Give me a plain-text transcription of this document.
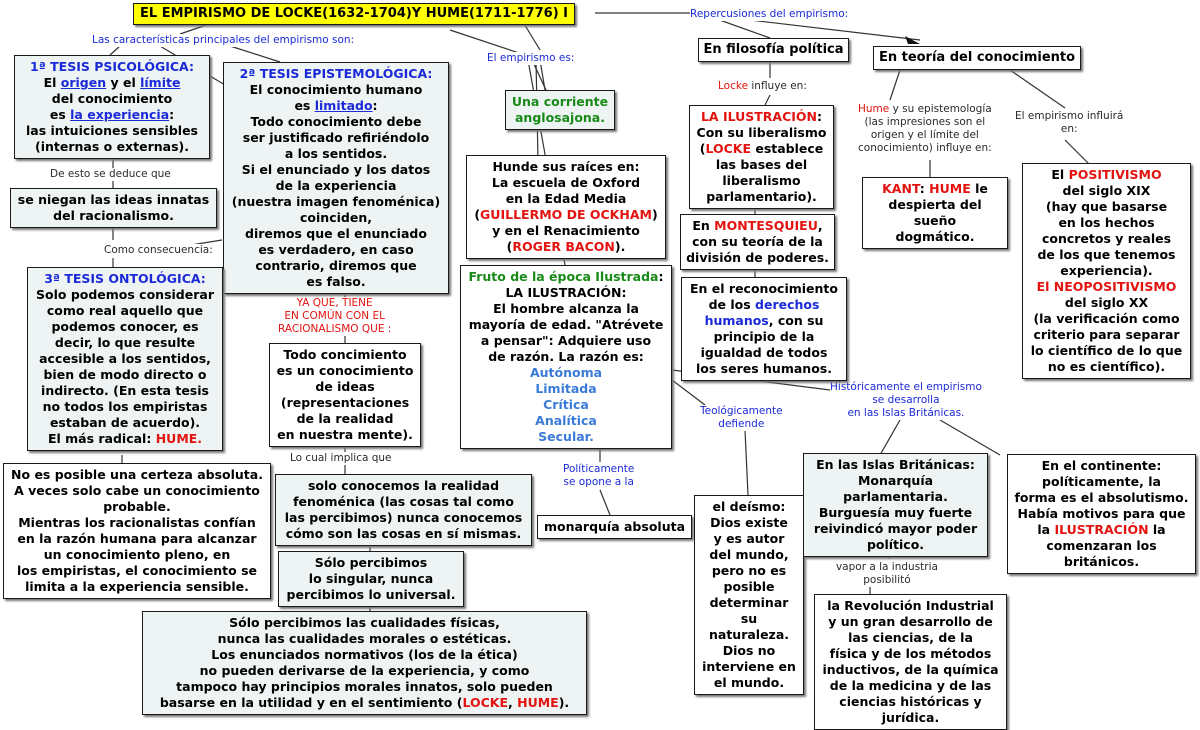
EL EMPIRISMO DE LOCKE(1632-1704)Y HUME(1711-1776) I
Las características principales del empirismo son:
El empirismo es:
Repercusiones del empirismo:
Locke influye en:
Hume y su epistemología
(las impresiones son el
origen y el límite del
conocimiento) influye en:
El empirismo influirá
en:
De esto se deduce que
Como consecuencia:
YA QUE, TIENE
EN COMÚN CON EL
RACIONALISMO QUE :
Lo cual implica que
Teológicamente
defiende
Políticamente
se opone a la
Históricamente el empirismo
se desarrolla
en las Islas Británicas.
vapor a la industria
posibilitó
1ª TESIS PSICOLÓGICA:
El origen y el límite
del conocimiento
es la experiencia:
las intuiciones sensibles
(internas o externas).
se niegan las ideas innatas
del racionalismo.
2ª TESIS EPISTEMOLÓGICA:
El conocimiento humano
es limitado:
Todo conocimiento debe
ser justificado refiriéndolo
a los sentidos.
Si el enunciado y los datos
de la experiencia
(nuestra imagen fenoménica)
coinciden,
diremos que el enunciado
es verdadero, en caso
contrario, diremos que
es falso.
3ª TESIS ONTOLÓGICA:
Solo podemos considerar
como real aquello que
podemos conocer, es
decir, lo que resulte
accesible a los sentidos,
bien de modo directo o
indirecto. (En esta tesis
no todos los empiristas
estaban de acuerdo).
El más radical: HUME.
No es posible una certeza absoluta.
A veces solo cabe un conocimiento
probable.
Mientras los racionalistas confían
en la razón humana para alcanzar
un conocimiento pleno, en
los empiristas, el conocimiento se
limita a la experiencia sensible.
Todo concimiento
es un conocimiento
de ideas
(representaciones
de la realidad
en nuestra mente).
solo conocemos la realidad
fenoménica (las cosas tal como
las percibimos) nunca conocemos
cómo son las cosas en sí mismas.
Sólo percibimos
lo singular, nunca
percibimos lo universal.
Sólo percibimos las cualidades físicas,
nunca las cualidades morales o estéticas.
Los enunciados normativos (los de la ética)
no pueden derivarse de la experiencia, y como
tampoco hay principios morales innatos, solo pueden
basarse en la utilidad y en el sentimiento (LOCKE, HUME).
Una corriente
anglosajona.
Hunde sus raíces en:
La escuela de Oxford
en la Edad Media
(GUILLERMO DE OCKHAM)
y en el Renacimiento
(ROGER BACON).
Fruto de la época Ilustrada:
LA ILUSTRACIÓN:
El hombre alcanza la
mayoría de edad. "Atrévete
a pensar": Adquiere uso
de razón. La razón es:
Autónoma
Limitada
Crítica
Analítica
Secular.
monarquía absoluta
el deísmo:
Dios existe
y es autor
del mundo,
pero no es
posible
determinar
su naturaleza.
Dios no
interviene en
el mundo.
En filosofía política
En teoría del conocimiento
LA ILUSTRACIÓN:
Con su liberalismo
(LOCKE establece
las bases del
liberalismo
parlamentario).
En MONTESQUIEU,
con su teoría de la
división de poderes.
En el reconocimiento
de los derechos
humanos, con su
principio de la
igualdad de todos
los seres humanos.
KANT: HUME le
despierta del sueño
dogmático.
El POSITIVISMO
del siglo XIX
(hay que basarse
en los hechos
concretos y reales
de los que tenemos
experiencia).
El NEOPOSITIVISMO
del siglo XX
(la verificación como
criterio para separar
lo científico de lo que
no es científico).
En las Islas Británicas:
Monarquía parlamentaria.
Burguesía muy fuerte
reivindicó mayor poder
político.
En el continente:
políticamente, la
forma es el absolutismo.
Había motivos para que
la ILUSTRACIÓN la
comenzaran los
británicos.
la Revolución Industrial
y un gran desarrollo de
las ciencias, de la
física y de los métodos
inductivos, de la química
de la medicina y de las
ciencias históricas y
jurídica.
